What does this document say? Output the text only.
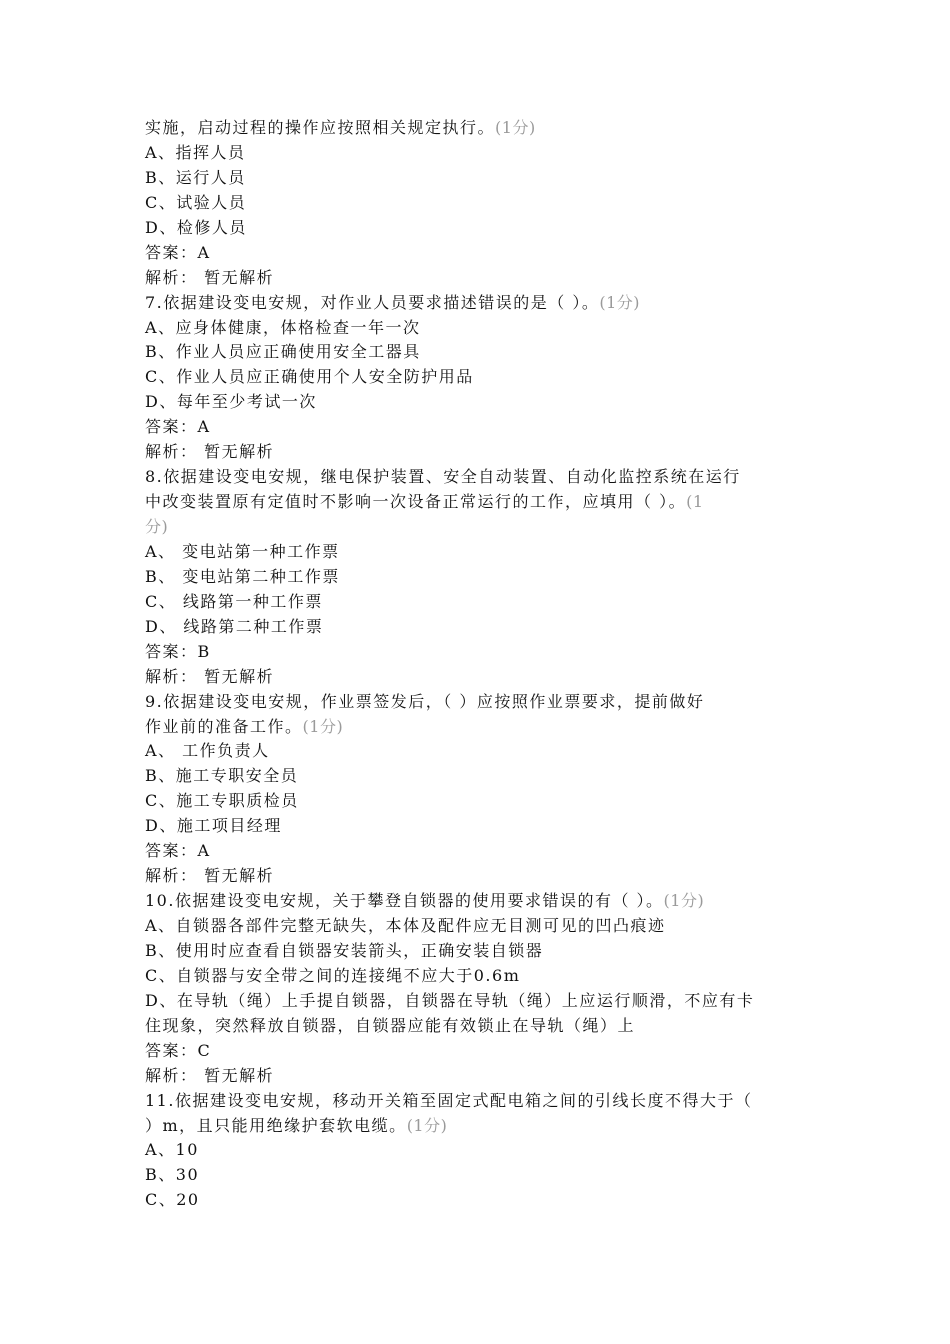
实施，启动过程的操作应按照相关规定执行。(1分)
A、指挥人员
B、运行人员
C、试验人员
D、检修人员
答案：A
解析： 暂无解析
7.依据建设变电安规，对作业人员要求描述错误的是（ ）。(1分)
A、应身体健康，体格检查一年一次
B、作业人员应正确使用安全工器具
C、作业人员应正确使用个人安全防护用品
D、每年至少考试一次
答案：A
解析： 暂无解析
8.依据建设变电安规，继电保护装置、安全自动装置、自动化监控系统在运行
中改变装置原有定值时不影响一次设备正常运行的工作，应填用（ ）。(1
分)
A、 变电站第一种工作票
B、 变电站第二种工作票
C、 线路第一种工作票
D、 线路第二种工作票
答案：B
解析： 暂无解析
9.依据建设变电安规，作业票签发后，（ ）应按照作业票要求，提前做好
作业前的准备工作。(1分)
A、 工作负责人
B、施工专职安全员
C、施工专职质检员
D、施工项目经理
答案：A
解析： 暂无解析
10.依据建设变电安规，关于攀登自锁器的使用要求错误的有（ ）。(1分)
A、自锁器各部件完整无缺失，本体及配件应无目测可见的凹凸痕迹
B、使用时应查看自锁器安装箭头，正确安装自锁器
C、自锁器与安全带之间的连接绳不应大于0.6m
D、在导轨（绳）上手提自锁器，自锁器在导轨（绳）上应运行顺滑，不应有卡
住现象，突然释放自锁器，自锁器应能有效锁止在导轨（绳）上
答案：C
解析： 暂无解析
11.依据建设变电安规，移动开关箱至固定式配电箱之间的引线长度不得大于（
）m，且只能用绝缘护套软电缆。(1分)
A、10
B、30
C、20
